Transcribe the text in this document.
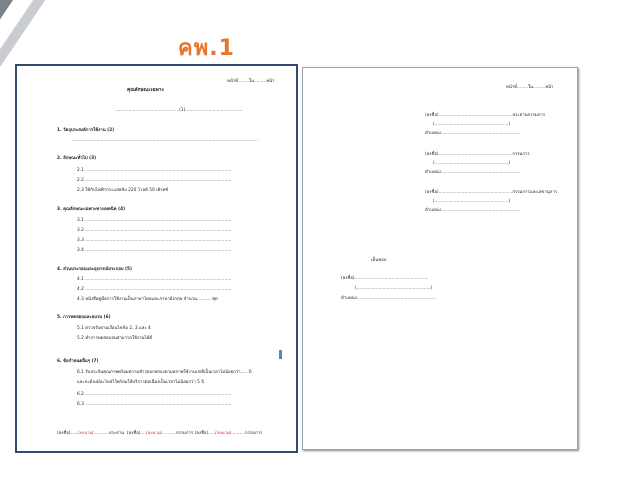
คพ.1
หน้าที่........ใน.........หน้า
คุณลักษณะเฉพาะ
...............................................(1)..........................................
1. วัตถุประสงค์การใช้งาน (2)
........................................................................................................................................
2. ลักษณะทั่วไป (3)
2.1 ...........................................................................................................
2.2 ...........................................................................................................
2.3 ใช้กับไฟฟ้ากระแสสลับ 220 โวลต์ 50 เฮิรตซ์
3. คุณลักษณะเฉพาะทางเทคนิค (4)
3.1 ...........................................................................................................
3.2 ...........................................................................................................
3.3 ...........................................................................................................
3.4 ...........................................................................................................
4. ส่วนประกอบและอุปกรณ์ประกอบ (5)
4.1 ...........................................................................................................
4.2 ...........................................................................................................
4.3 หนังสือคู่มือการใช้งานเป็นภาษาไทยและภาษาอังกฤษ จำนวน...........ชุด
5. การทดสอบและอบรม (6)
5.1 ตรวจรับตามเงื่อนไขข้อ 2, 3 และ 4
5.2 ทำการทดสอบจนสามารถใช้งานได้ดี
6. ข้อกำหนดอื่นๆ (7)
6.1 รับประกันคุณภาพพร้อมความชำรุดบกพร่องตามสภาพใช้งานปกติเป็นเวลาไม่น้อยกว่า......ปี
และจะต้องมีอะไหล่ไว้พร้อมให้บริการต่อเนื่องเป็นเวลาไม่น้อยกว่า 5 ปี
6.2 ...........................................................................................................
6.3 ...........................................................................................................
(ลงชื่อ).....(ลงนาม)...........ประธาน (ลงชื่อ)....(ลงนาม)..........กรรมการ (ลงชื่อ).....(ลงนาม)..........กรรมการ
หน้าที่........ใน.........หน้า
(ลงชื่อ)......................................................ประธานกรรมการ
(......................................................)
ตำแหน่ง..........................................................
(ลงชื่อ)......................................................กรรมการ
(......................................................)
ตำแหน่ง..........................................................
(ลงชื่อ)......................................................กรรมการและเลขานุการ
(......................................................)
ตำแหน่ง..........................................................
เห็นชอบ
(ลงชื่อ)......................................................
(......................................................)
ตำแหน่ง..........................................................
